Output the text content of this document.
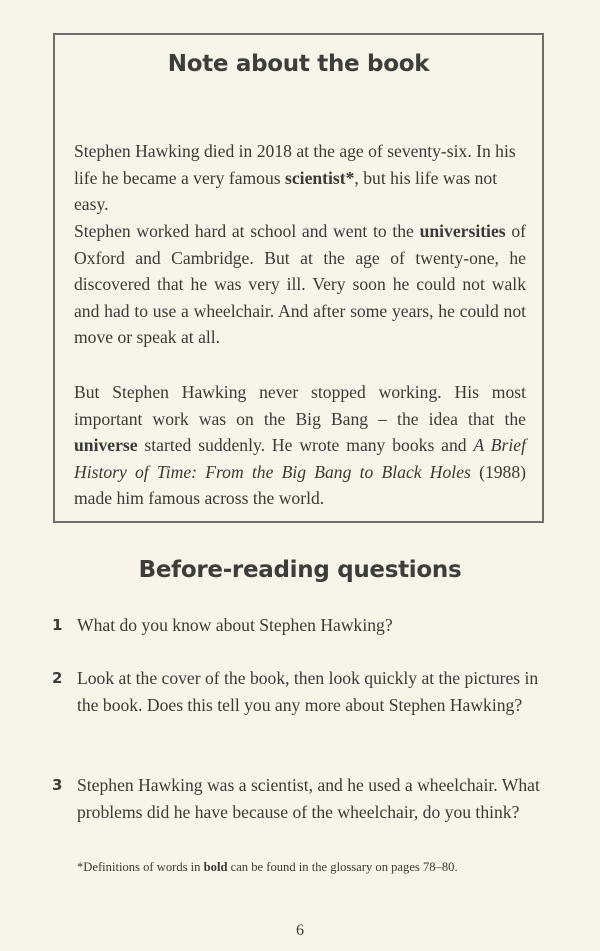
Note about the book
Stephen Hawking died in 2018 at the age of seventy-six. In his life he became a very famous scientist*, but his life was not easy.
Stephen worked hard at school and went to the universities of Oxford and Cambridge. But at the age of twenty-one, he discovered that he was very ill. Very soon he could not walk and had to use a wheelchair. And after some years, he could not move or speak at all.
But Stephen Hawking never stopped working. His most important work was on the Big Bang – the idea that the universe started suddenly. He wrote many books and A Brief History of Time: From the Big Bang to Black Holes (1988) made him famous across the world.
Before-reading questions
1 What do you know about Stephen Hawking?
2 Look at the cover of the book, then look quickly at the pictures in the book. Does this tell you any more about Stephen Hawking?
3 Stephen Hawking was a scientist, and he used a wheelchair. What problems did he have because of the wheelchair, do you think?
*Definitions of words in bold can be found in the glossary on pages 78–80.
6
